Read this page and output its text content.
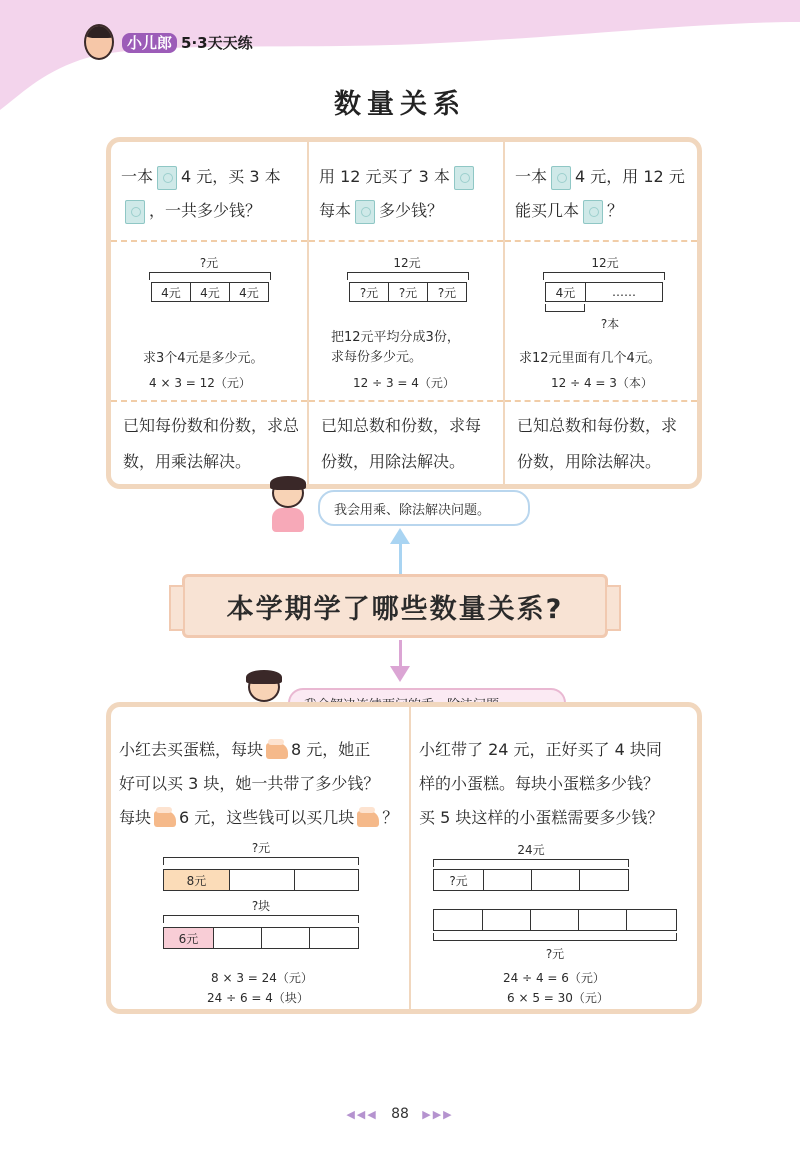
小儿郎 5·3天天练
数量关系
一本 4 元，买 3 本
，一共多少钱？
?元
4元	4元	4元
求3个4元是多少元。
4 × 3 = 12（元）
已知每份数和份数，求总数，用乘法解决。
用 12 元买了 3 本
每本 多少钱？
12元
?元	?元	?元
把12元平均分成3份，
求每份多少元。
12 ÷ 3 = 4（元）
已知总数和份数，求每份数，用除法解决。
一本 4 元，用 12 元
能买几本 ？
12元
4元	……
?本
求12元里面有几个4元。
12 ÷ 4 = 3（本）
已知总数和每份数，求份数，用除法解决。
我会用乘、除法解决问题。
本学期学了哪些数量关系?
小红去买蛋糕，每块 8 元，她正
好可以买 3 块，她一共带了多少钱？
每块 6 元，这些钱可以买几块 ？
?元
8元
?块
6元
8 × 3 = 24（元）
24 ÷ 6 = 4（块）
小红带了 24 元，正好买了 4 块同
样的小蛋糕。每块小蛋糕多少钱？
买 5 块这样的小蛋糕需要多少钱？
24元
?元
?元
24 ÷ 4 = 6（元）
6 × 5 = 30（元）
◀◀◀ 88 ▶▶▶
